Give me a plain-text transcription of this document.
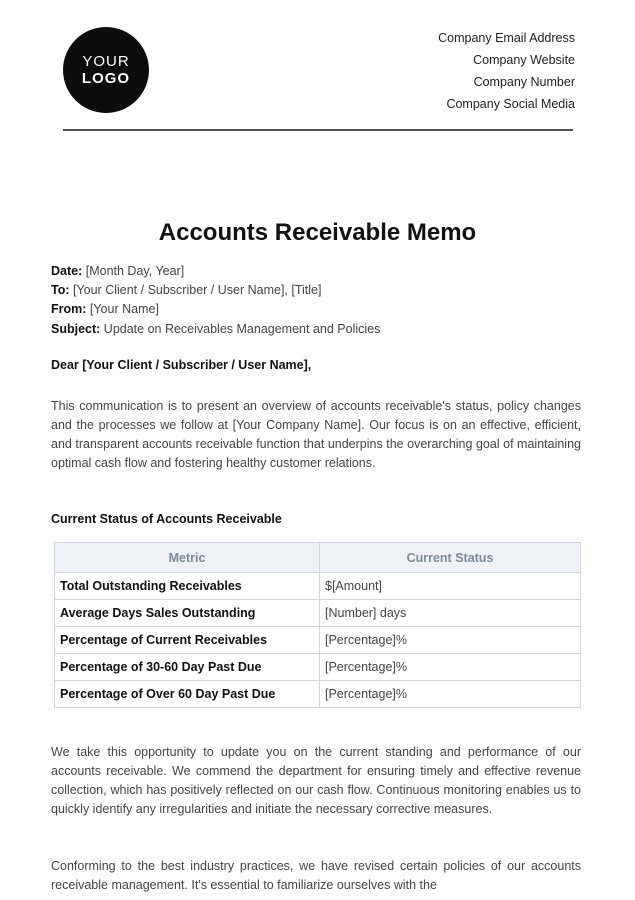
YOUR
LOGO
Company Email Address
Company Website
Company Number
Company Social Media
Accounts Receivable Memo
Date: [Month Day, Year]
To: [Your Client / Subscriber / User Name], [Title]
From: [Your Name]
Subject: Update on Receivables Management and Policies
Dear [Your Client / Subscriber / User Name],

This communication is to present an overview of accounts receivable's status, policy changes and the processes we follow at [Your Company Name]. Our focus is on an effective, efficient, and transparent accounts receivable function that underpins the overarching goal of maintaining optimal cash flow and fostering healthy customer relations.

Current Status of Accounts Receivable
Metric	Current Status
Total Outstanding Receivables	$[Amount]
Average Days Sales Outstanding	[Number] days
Percentage of Current Receivables	[Percentage]%
Percentage of 30-60 Day Past Due	[Percentage]%
Percentage of Over 60 Day Past Due	[Percentage]%

We take this opportunity to update you on the current standing and performance of our accounts receivable. We commend the department for ensuring timely and effective revenue collection, which has positively reflected on our cash flow. Continuous monitoring enables us to quickly identify any irregularities and initiate the necessary corrective measures.

Conforming to the best industry practices, we have revised certain policies of our accounts receivable management. It's essential to familiarize ourselves with the
